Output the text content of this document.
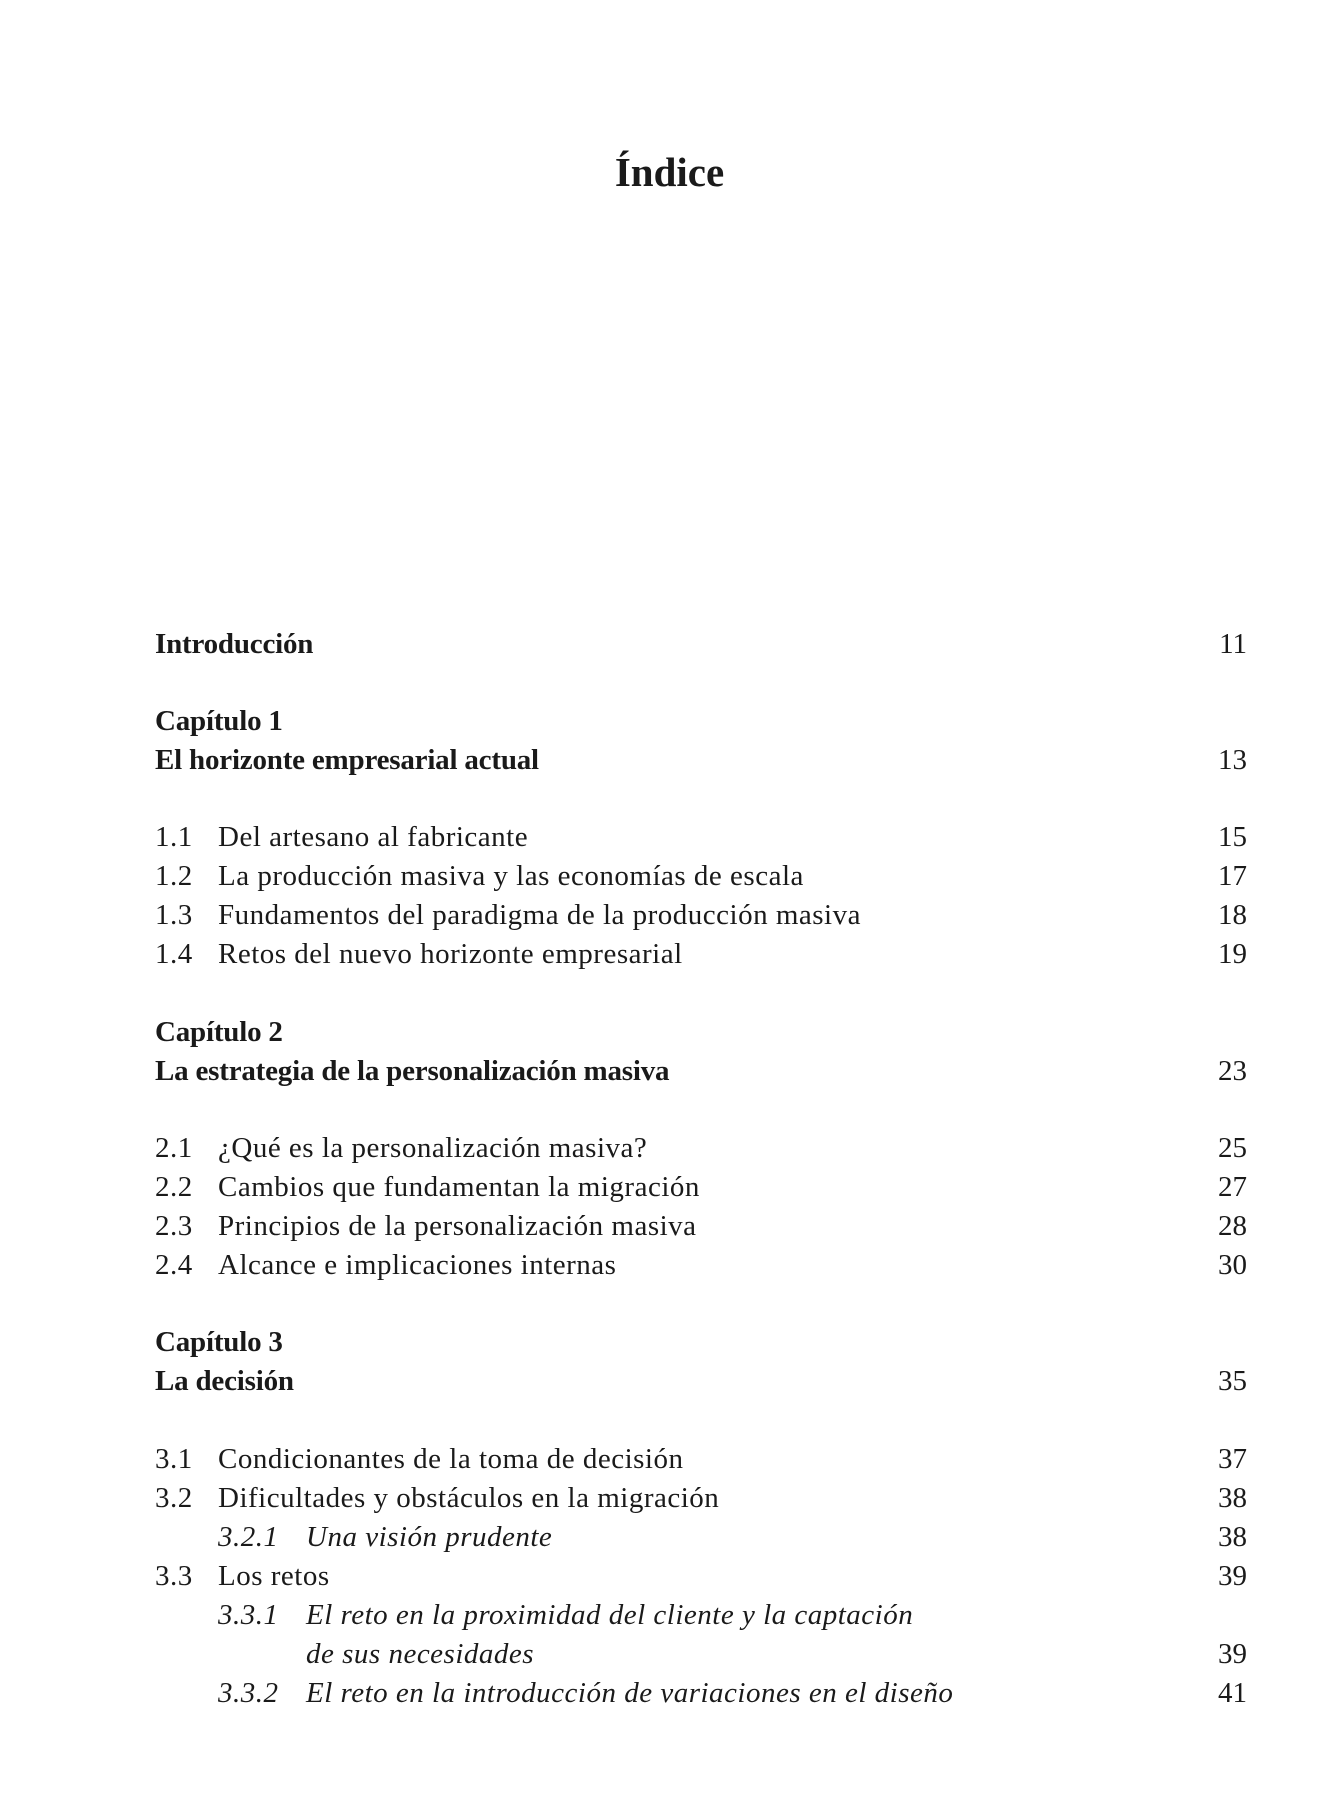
Índice
Introducción . . .	11
Capítulo 1
El horizonte empresarial actual . . .	13
1.1 Del artesano al fabricante . . .	15
1.2 La producción masiva y las economías de escala . . .	17
1.3 Fundamentos del paradigma de la producción masiva . . .	18
1.4 Retos del nuevo horizonte empresarial . . .	19
Capítulo 2
La estrategia de la personalización masiva . . .	23
2.1 ¿Qué es la personalización masiva? . . .	25
2.2 Cambios que fundamentan la migración . . .	27
2.3 Principios de la personalización masiva . . .	28
2.4 Alcance e implicaciones internas . . .	30
Capítulo 3
La decisión . . .	35
3.1 Condicionantes de la toma de decisión . . .	37
3.2 Dificultades y obstáculos en la migración . . .	38
3.2.1 Una visión prudente . . .	38
3.3 Los retos . . .	39
3.3.1 El reto en la proximidad del cliente y la captación
de sus necesidades . . .	39
3.3.2 El reto en la introducción de variaciones en el diseño . . .	41
